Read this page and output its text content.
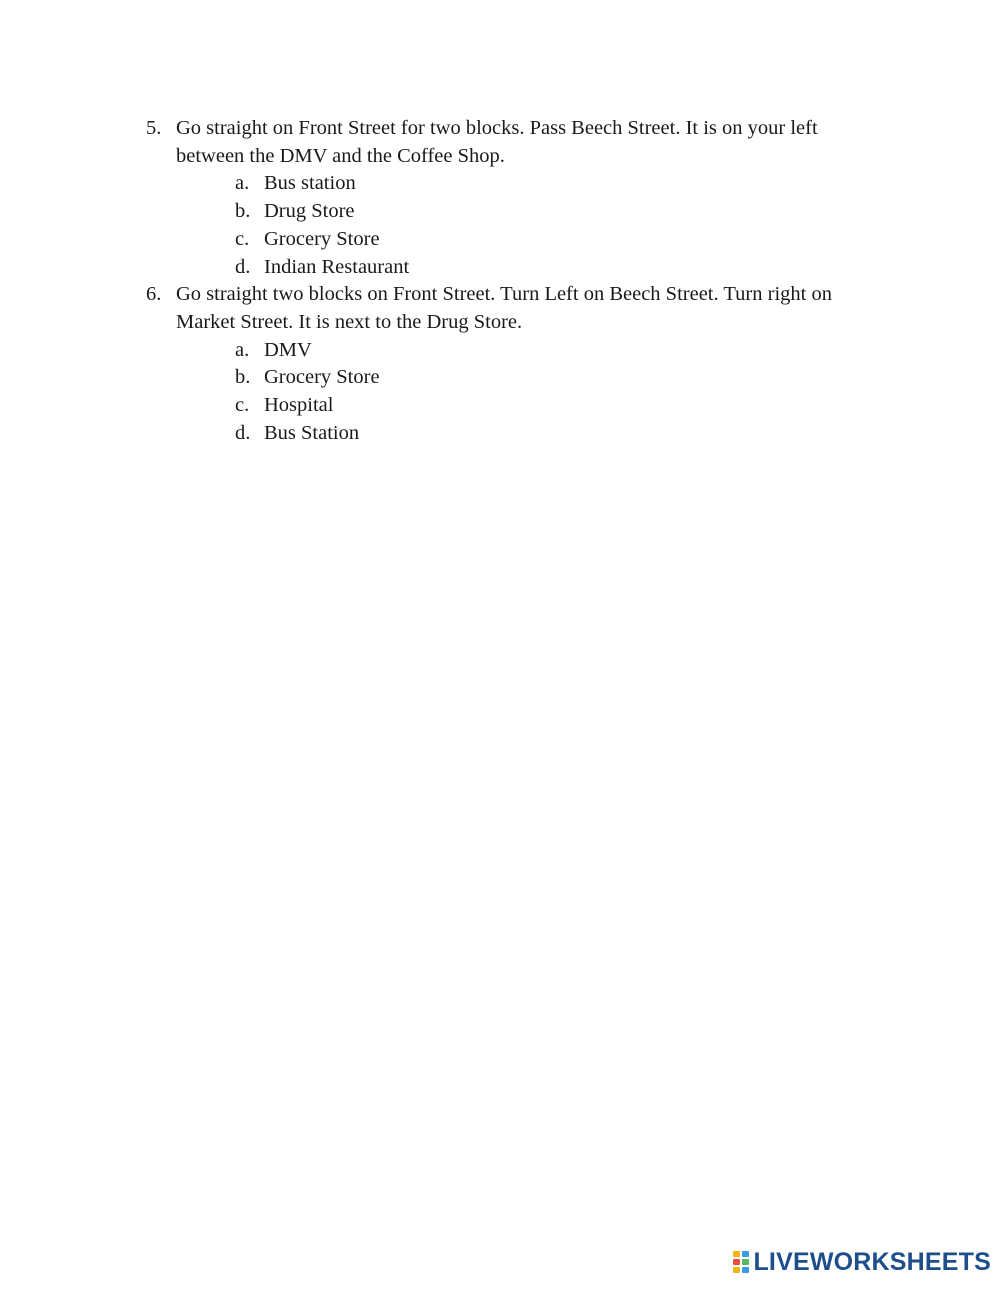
5. Go straight on Front Street for two blocks. Pass Beech Street. It is on your left between the DMV and the Coffee Shop.
a. Bus station
b. Drug Store
c. Grocery Store
d. Indian Restaurant
6. Go straight two blocks on Front Street. Turn Left on Beech Street. Turn right on Market Street. It is next to the Drug Store.
a. DMV
b. Grocery Store
c. Hospital
d. Bus Station
LIVEWORKSHEETS
